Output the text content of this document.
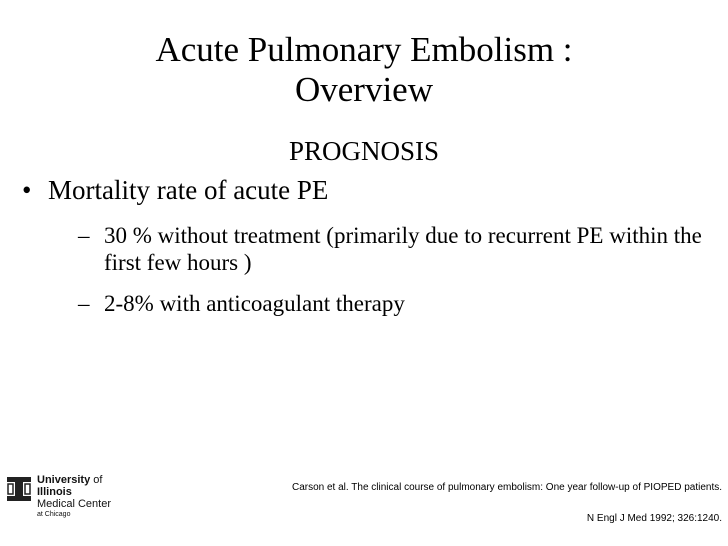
Acute Pulmonary Embolism :
Overview
PROGNOSIS
• Mortality rate of acute PE
– 30 % without treatment (primarily due to recurrent PE within the first few hours )
– 2-8% with anticoagulant therapy
University of
Illinois
Medical Center
at Chicago
Carson et al. The clinical course of pulmonary embolism: One year follow-up of PIOPED patients.
N Engl J Med 1992; 326:1240.
